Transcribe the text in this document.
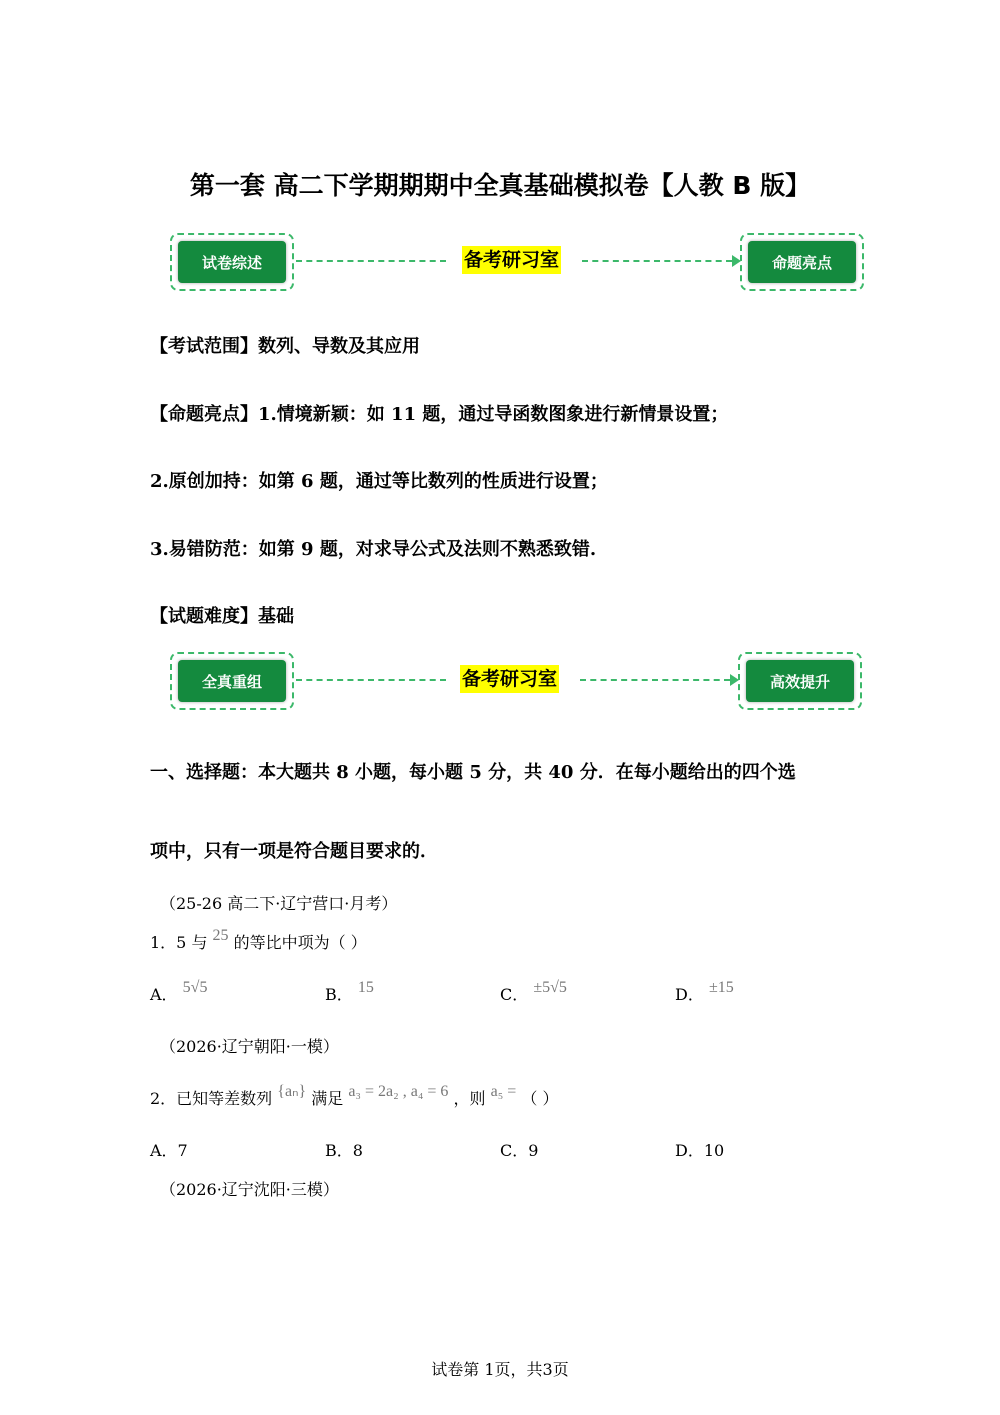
第一套 高二下学期期期中全真基础模拟卷【人教 B 版】
试卷综述	备考研习室	命题亮点
【考试范围】数列、导数及其应用
【命题亮点】1.情境新颖：如 11 题，通过导函数图象进行新情景设置；
2.原创加持：如第 6 题，通过等比数列的性质进行设置；
3.易错防范：如第 9 题，对求导公式及法则不熟悉致错.
【试题难度】基础
全真重组	备考研习室	高效提升
一、选择题：本大题共 8 小题，每小题 5 分，共 40 分．在每小题给出的四个选
项中，只有一项是符合题目要求的．
（25-26 高二下·辽宁营口·月考）
1．5 与 25 的等比中项为（ ）
A． 5√5	B． 15	C． ±5√5	D． ±15
（2026·辽宁朝阳·一模）
2．已知等差数列 {aₙ} 满足 a₃ = 2a₂ , a₄ = 6 ，则 a₅ = （ ）
A．7	B．8	C．9	D．10
（2026·辽宁沈阳·三模）
试卷第 1页，共3页
